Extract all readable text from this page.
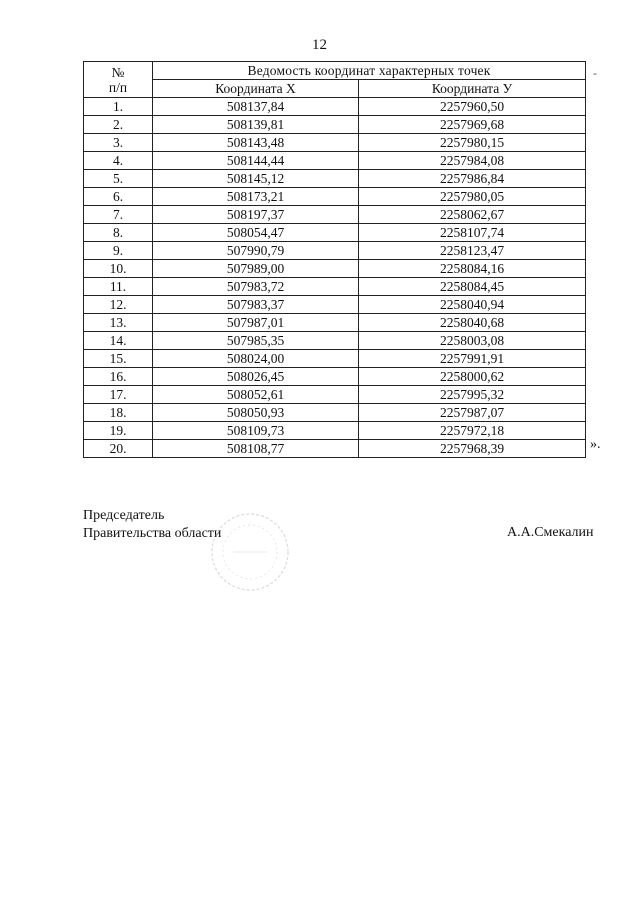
12
-
№
п/п	Ведомость координат характерных точек	
	Координата Х	Координата У
1.	508137,84	2257960,50
2.	508139,81	2257969,68
3.	508143,48	2257980,15
4.	508144,44	2257984,08
5.	508145,12	2257986,84
6.	508173,21	2257980,05
7.	508197,37	2258062,67
8.	508054,47	2258107,74
9.	507990,79	2258123,47
10.	507989,00	2258084,16
11.	507983,72	2258084,45
12.	507983,37	2258040,94
13.	507987,01	2258040,68
14.	507985,35	2258003,08
15.	508024,00	2257991,91
16.	508026,45	2258000,62
17.	508052,61	2257995,32
18.	508050,93	2257987,07
19.	508109,73	2257972,18
20.	508108,77	2257968,39	».
Председатель
Правительства области	А.А.Смекалин
